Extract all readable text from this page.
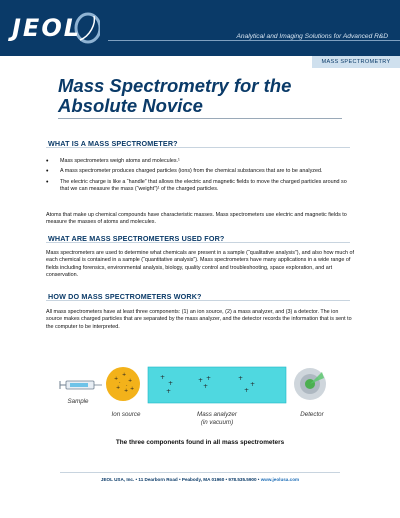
JEOL	Analytical and Imaging Solutions for Advanced R&D
MASS SPECTROMETRY
Mass Spectrometry for the Absolute Novice
WHAT IS A MASS SPECTROMETER?
• Mass spectrometers weigh atoms and molecules.¹
• A mass spectrometer produces charged particles (ions) from the chemical substances that are to be analyzed.
• The electric charge is like a “handle” that allows the electric and magnetic fields to move the charged particles around so that we can measure the mass (“weight”)¹ of the charged particles.
Atoms that make up chemical compounds have characteristic masses. Mass spectrometers use electric and magnetic fields to measure the masses of atoms and molecules.
WHAT ARE MASS SPECTROMETERS USED FOR?
Mass spectrometers are used to determine what chemicals are present in a sample (“qualitative analysis”), and also how much of each chemical is contained in a sample (“quantitative analysis”). Mass spectrometers have many applications in a wide range of fields including forensics, environmental analysis, biology, quality control and troubleshooting, space exploration, and art conservation.
HOW DO MASS SPECTROMETERS WORK?
All mass spectrometers have at least three components: (1) an ion source, (2) a mass analyzer, and (3) a detector. The ion source makes charged particles that are separated by the mass analyzer, and the detector records the information that is sent to the computer to be interpreted.
+
+
+
+ + +
· ·
+
+
+
+ +
+
+
+
+
Sample
Ion source	Mass analyzer
(in vacuum)
Detector
The three components found in all mass spectrometers
JEOL USA, Inc. • 11 Dearborn Road • Peabody, MA 01960 • 978.535.5900 • www.jeolusa.com
